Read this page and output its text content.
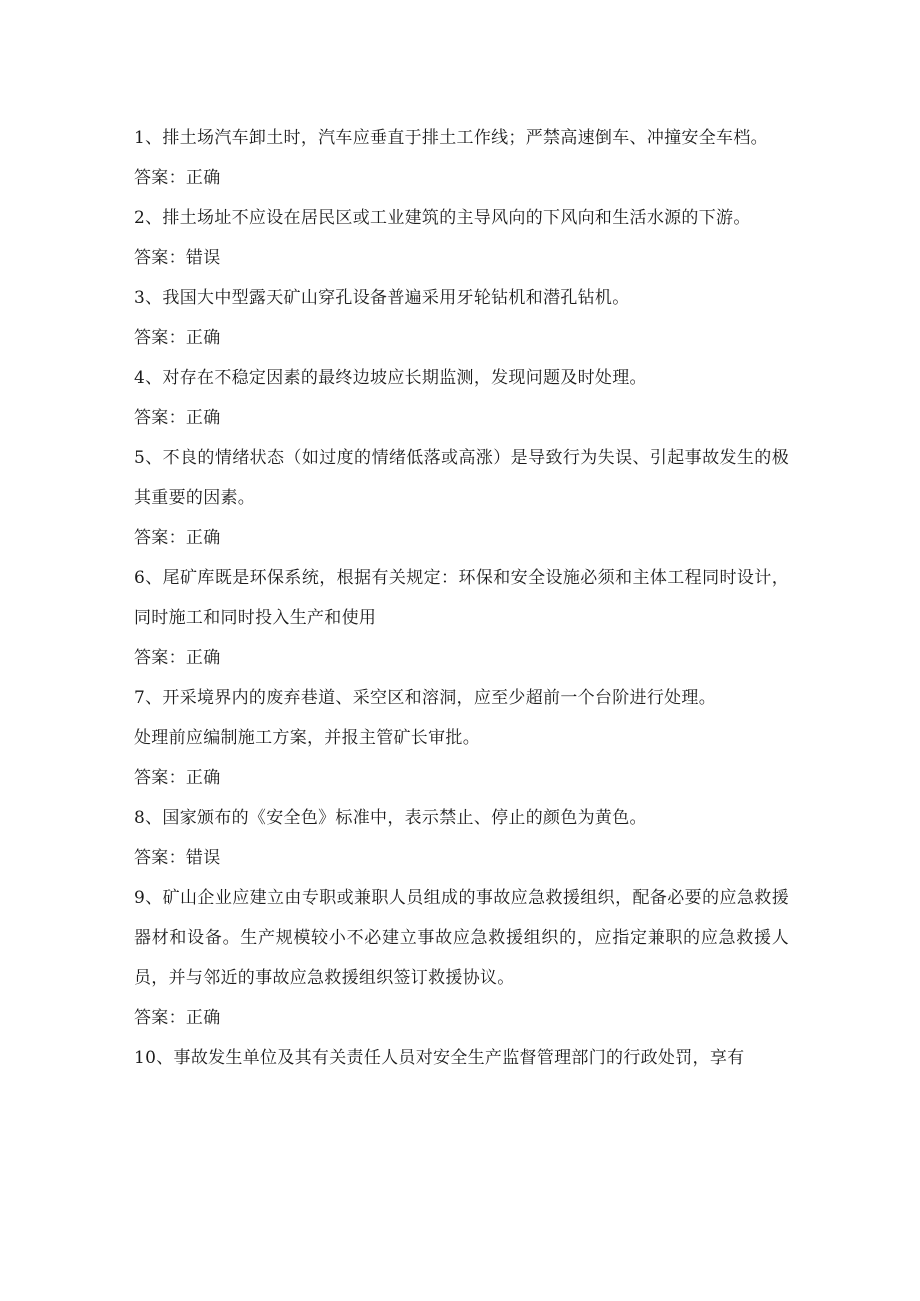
1、排土场汽车卸土时，汽车应垂直于排土工作线；严禁高速倒车、冲撞安全车档。

答案：正确

2、排土场址不应设在居民区或工业建筑的主导风向的下风向和生活水源的下游。

答案：错误

3、我国大中型露天矿山穿孔设备普遍采用牙轮钻机和潜孔钻机。

答案：正确

4、对存在不稳定因素的最终边坡应长期监测，发现问题及时处理。

答案：正确

5、不良的情绪状态（如过度的情绪低落或高涨）是导致行为失误、引起事故发生的极其重要的因素。

答案：正确

6、尾矿库既是环保系统，根据有关规定：环保和安全设施必须和主体工程同时设计，同时施工和同时投入生产和使用

答案：正确

7、开采境界内的废弃巷道、采空区和溶洞，应至少超前一个台阶进行处理。

处理前应编制施工方案，并报主管矿长审批。

答案：正确

8、国家颁布的《安全色》标准中，表示禁止、停止的颜色为黄色。

答案：错误

9、矿山企业应建立由专职或兼职人员组成的事故应急救援组织，配备必要的应急救援器材和设备。生产规模较小不必建立事故应急救援组织的，应指定兼职的应急救援人员，并与邻近的事故应急救援组织签订救援协议。

答案：正确

10、事故发生单位及其有关责任人员对安全生产监督管理部门的行政处罚，享有
